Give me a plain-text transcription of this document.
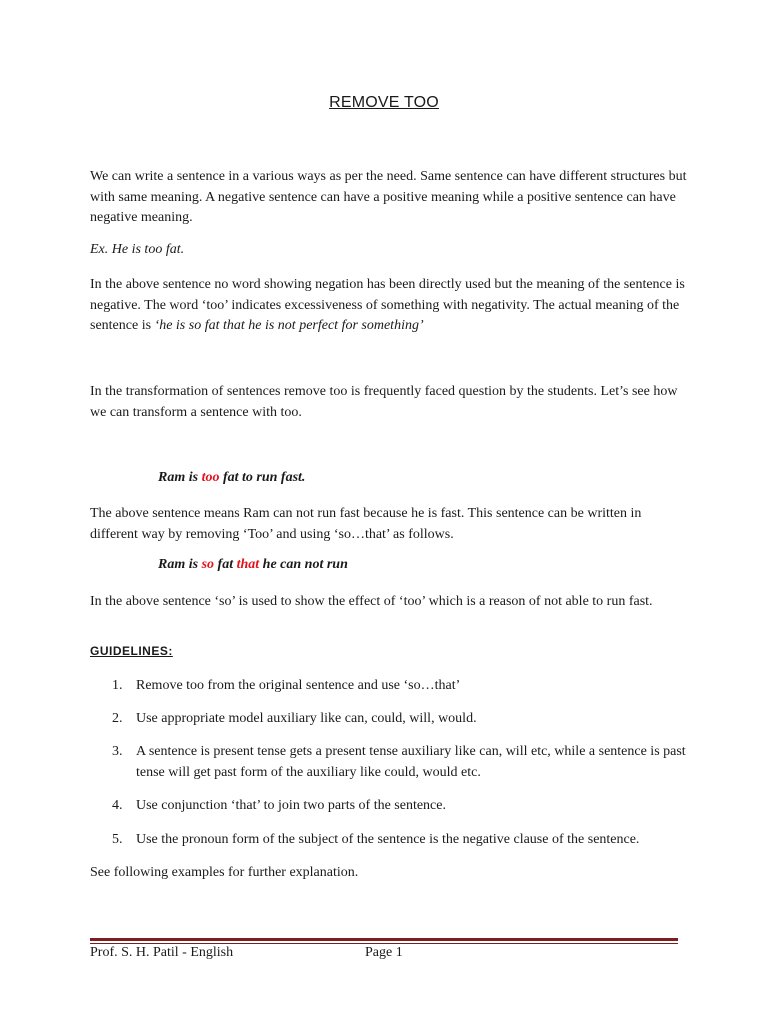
REMOVE TOO
We can write a sentence in a various ways as per the need. Same sentence can have different structures but with same meaning. A negative sentence can have a positive meaning while a positive sentence can have negative meaning.
Ex. He is too fat.
In the above sentence no word showing negation has been directly used but the meaning of the sentence is negative. The word ‘too’ indicates excessiveness of something with negativity. The actual meaning of the sentence is ‘he is so fat that he is not perfect for something’
In the transformation of sentences remove too is frequently faced question by the students. Let’s see how we can transform a sentence with too.
Ram is too fat to run fast.
The above sentence means Ram can not run fast because he is fast. This sentence can be written in different way by removing ‘Too’ and using ‘so…that’ as follows.
Ram is so fat that he can not run
In the above sentence ‘so’ is used to show the effect of ‘too’ which is a reason of not able to run fast.
GUIDELINES:
1. Remove too from the original sentence and use ‘so…that’
2. Use appropriate model auxiliary like can, could, will, would.
3. A sentence is present tense gets a present tense auxiliary like can, will etc, while a sentence is past tense will get past form of the auxiliary like could, would etc.
4. Use conjunction ‘that’ to join two parts of the sentence.
5. Use the pronoun form of the subject of the sentence is the negative clause of the sentence.
See following examples for further explanation.
Prof. S. H. Patil - English	Page 1
